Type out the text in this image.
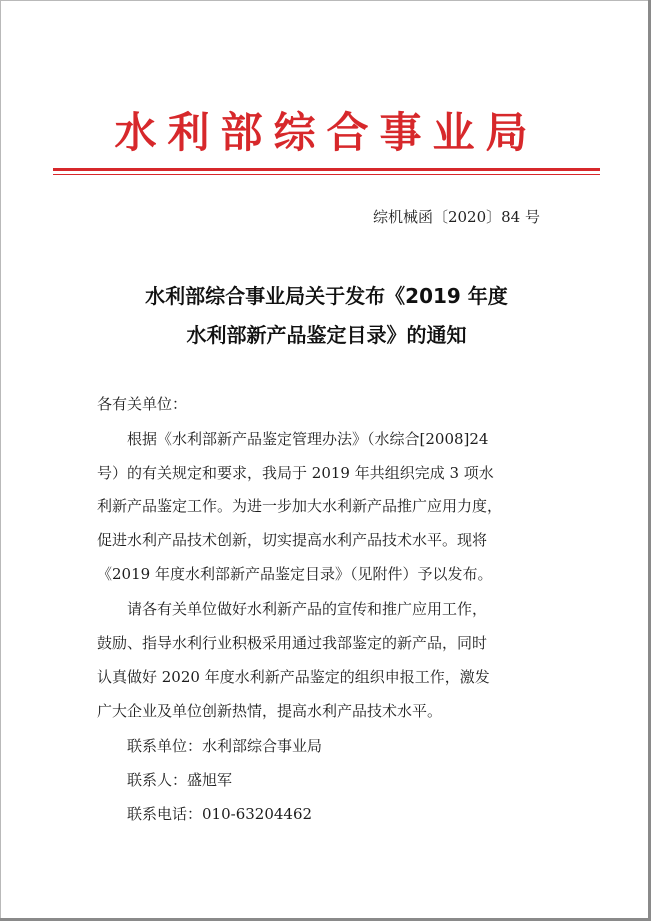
水利部综合事业局
综机械函〔2020〕84 号
水利部综合事业局关于发布《2019 年度
水利部新产品鉴定目录》的通知
各有关单位：
　　根据《水利部新产品鉴定管理办法》（水综合[2008]24
号）的有关规定和要求，我局于 2019 年共组织完成 3 项水
利新产品鉴定工作。为进一步加大水利新产品推广应用力度，
促进水利产品技术创新，切实提高水利产品技术水平。现将
《2019 年度水利部新产品鉴定目录》（见附件）予以发布。
　　请各有关单位做好水利新产品的宣传和推广应用工作，
鼓励、指导水利行业积极采用通过我部鉴定的新产品，同时
认真做好 2020 年度水利新产品鉴定的组织申报工作，激发
广大企业及单位创新热情，提高水利产品技术水平。
　　联系单位：水利部综合事业局
　　联系人：盛旭军
　　联系电话：010-63204462
